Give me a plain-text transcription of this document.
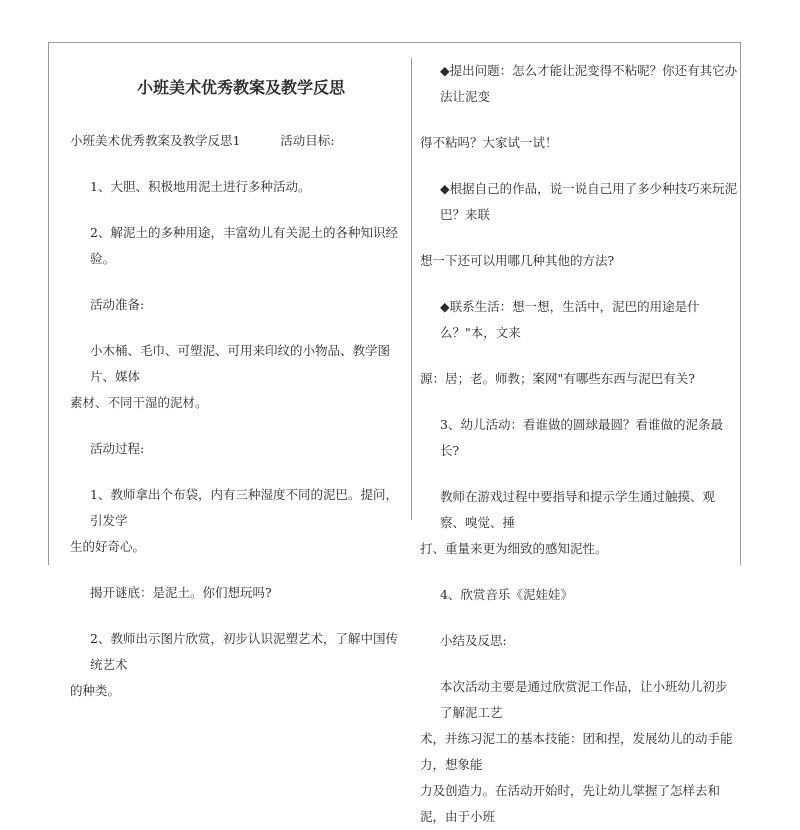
小班美术优秀教案及教学反思

小班美术优秀教案及教学反思1	活动目标:

1、大胆、积极地用泥土进行多种活动。

2、解泥土的多种用途，丰富幼儿有关泥土的各种知识经验。

活动准备:

小木桶、毛巾、可塑泥、可用来印纹的小物品、教学图片、媒体

素材、不同干湿的泥材。

活动过程:

1、教师拿出个布袋，内有三种湿度不同的泥巴。提问，引发学

生的好奇心。

揭开谜底：是泥土。你们想玩吗?

2、教师出示图片欣赏，初步认识泥塑艺术，了解中国传统艺术

的种类。

◆提出问题：怎么才能让泥变得不粘呢？你还有其它办法让泥变

得不粘吗？大家试一试！

◆根据自己的作品，说一说自己用了多少种技巧来玩泥巴？来联

想一下还可以用哪几种其他的方法?

◆联系生活：想一想，生活中，泥巴的用途是什么？"本，文来

源：居；老。师教；案网"有哪些东西与泥巴有关?

3、幼儿活动：看谁做的圆球最圆？看谁做的泥条最长?

教师在游戏过程中要指导和提示学生通过触摸、观察、嗅觉、捶

打、重量来更为细致的感知泥性。

4、欣赏音乐《泥娃娃》

小结及反思:

本次活动主要是通过欣赏泥工作品，让小班幼儿初步了解泥工艺

术，并练习泥工的基本技能：团和捏，发展幼儿的动手能力，想象能

力及创造力。在活动开始时，先让幼儿掌握了怎样去和泥，由于小班
